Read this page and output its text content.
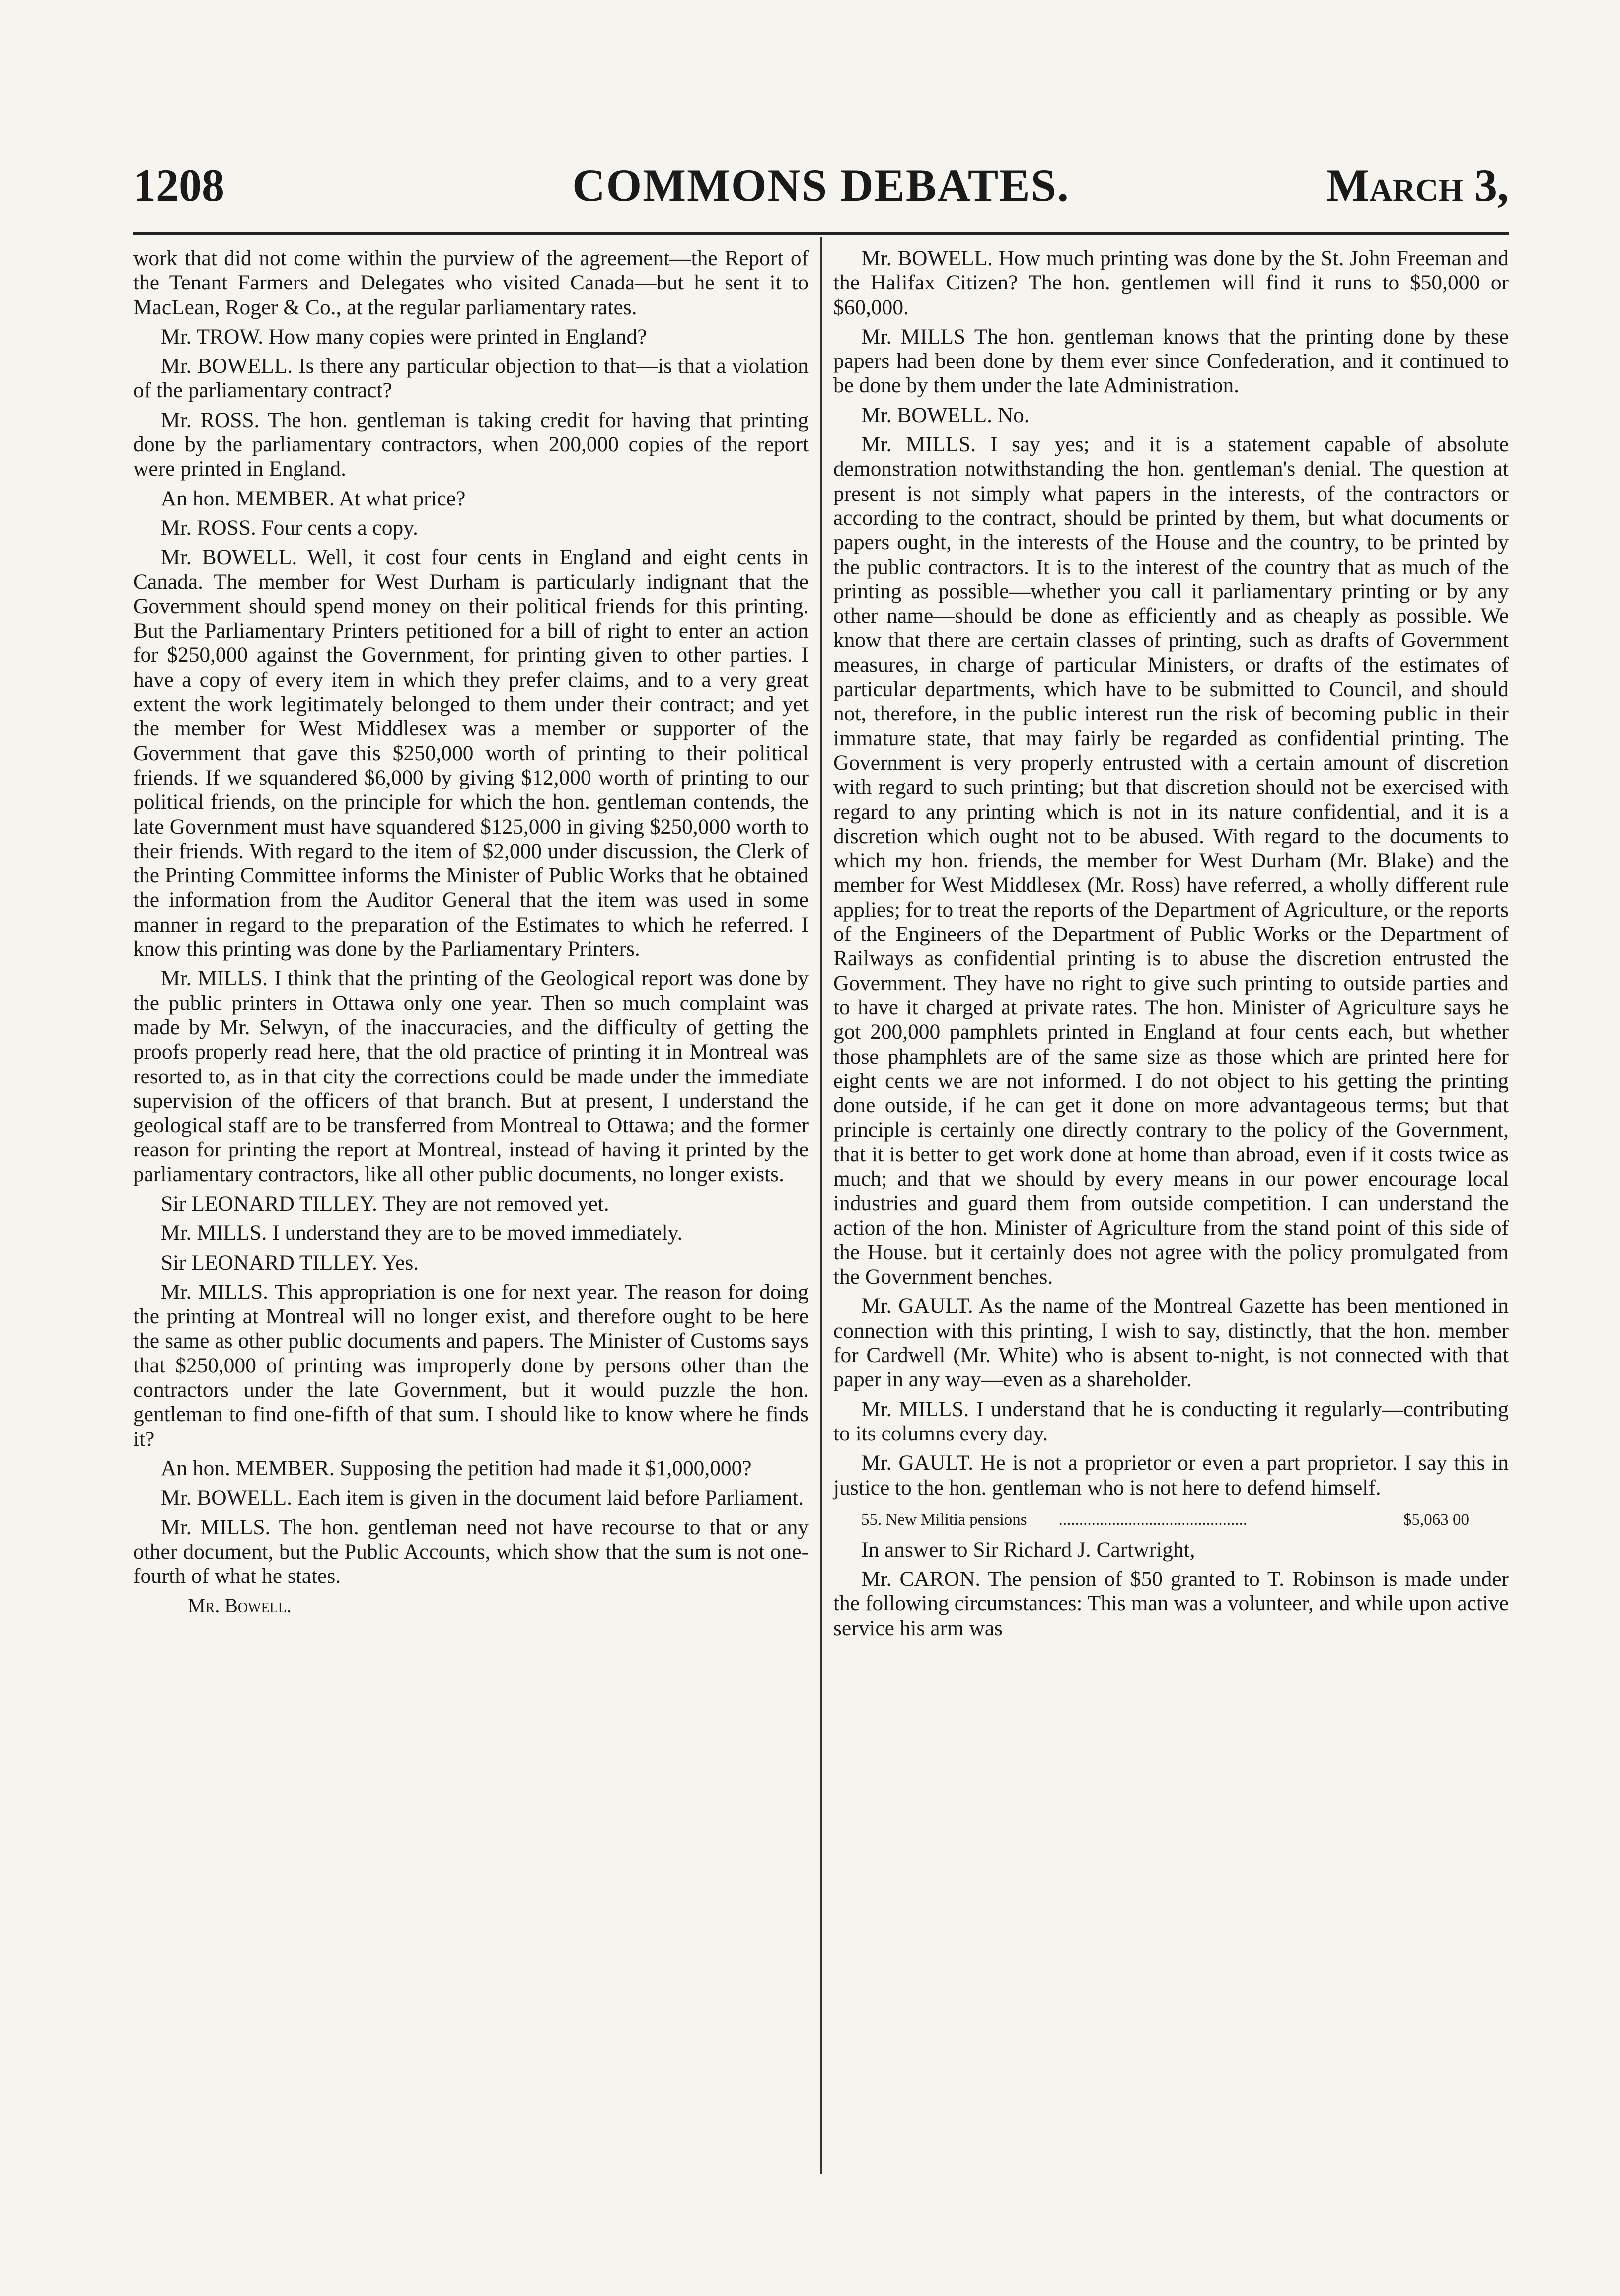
1208	COMMONS DEBATES.	March 3,

work that did not come within the purview of the agreement—the Report of the Tenant Farmers and Delegates who visited Canada—but he sent it to MacLean, Roger & Co., at the regular parliamentary rates.

Mr. TROW. How many copies were printed in England?

Mr. BOWELL. Is there any particular objection to that—is that a violation of the parliamentary contract?

Mr. ROSS. The hon. gentleman is taking credit for having that printing done by the parliamentary contractors, when 200,000 copies of the report were printed in England.

An hon. MEMBER. At what price?

Mr. ROSS. Four cents a copy.

Mr. BOWELL. Well, it cost four cents in England and eight cents in Canada. The member for West Durham is particularly indignant that the Government should spend money on their political friends for this printing. But the Parliamentary Printers petitioned for a bill of right to enter an action for $250,000 against the Government, for printing given to other parties. I have a copy of every item in which they prefer claims, and to a very great extent the work legitimately belonged to them under their contract; and yet the member for West Middlesex was a member or supporter of the Government that gave this $250,000 worth of printing to their political friends. If we squandered $6,000 by giving $12,000 worth of printing to our political friends, on the principle for which the hon. gentleman contends, the late Government must have squandered $125,000 in giving $250,000 worth to their friends. With regard to the item of $2,000 under discussion, the Clerk of the Printing Committee informs the Minister of Public Works that he obtained the information from the Auditor General that the item was used in some manner in regard to the preparation of the Estimates to which he referred. I know this printing was done by the Parliamentary Printers.

Mr. MILLS. I think that the printing of the Geological report was done by the public printers in Ottawa only one year. Then so much complaint was made by Mr. Selwyn, of the inaccuracies, and the difficulty of getting the proofs properly read here, that the old practice of printing it in Montreal was resorted to, as in that city the corrections could be made under the immediate supervision of the officers of that branch. But at present, I understand the geological staff are to be transferred from Montreal to Ottawa; and the former reason for printing the report at Montreal, instead of having it printed by the parliamentary contractors, like all other public documents, no longer exists.

Sir LEONARD TILLEY. They are not removed yet.

Mr. MILLS. I understand they are to be moved immediately.

Sir LEONARD TILLEY. Yes.

Mr. MILLS. This appropriation is one for next year. The reason for doing the printing at Montreal will no longer exist, and therefore ought to be here the same as other public documents and papers. The Minister of Customs says that $250,000 of printing was improperly done by persons other than the contractors under the late Government, but it would puzzle the hon. gentleman to find one-fifth of that sum. I should like to know where he finds it?

An hon. MEMBER. Supposing the petition had made it $1,000,000?

Mr. BOWELL. Each item is given in the document laid before Parliament.

Mr. MILLS. The hon. gentleman need not have recourse to that or any other document, but the Public Accounts, which show that the sum is not one-fourth of what he states.

Mr. Bowell.

Mr. BOWELL. How much printing was done by the St. John Freeman and the Halifax Citizen? The hon. gentlemen will find it runs to $50,000 or $60,000.

Mr. MILLS The hon. gentleman knows that the printing done by these papers had been done by them ever since Confederation, and it continued to be done by them under the late Administration.

Mr. BOWELL. No.

Mr. MILLS. I say yes; and it is a statement capable of absolute demonstration notwithstanding the hon. gentleman's denial. The question at present is not simply what papers in the interests, of the contractors or according to the contract, should be printed by them, but what documents or papers ought, in the interests of the House and the country, to be printed by the public contractors. It is to the interest of the country that as much of the printing as possible—whether you call it parliamentary printing or by any other name—should be done as efficiently and as cheaply as possible. We know that there are certain classes of printing, such as drafts of Government measures, in charge of particular Ministers, or drafts of the estimates of particular departments, which have to be submitted to Council, and should not, therefore, in the public interest run the risk of becoming public in their immature state, that may fairly be regarded as confidential printing. The Government is very properly entrusted with a certain amount of discretion with regard to such printing; but that discretion should not be exercised with regard to any printing which is not in its nature confidential, and it is a discretion which ought not to be abused. With regard to the documents to which my hon. friends, the member for West Durham (Mr. Blake) and the member for West Middlesex (Mr. Ross) have referred, a wholly different rule applies; for to treat the reports of the Department of Agriculture, or the reports of the Engineers of the Department of Public Works or the Department of Railways as confidential printing is to abuse the discretion entrusted the Government. They have no right to give such printing to outside parties and to have it charged at private rates. The hon. Minister of Agriculture says he got 200,000 pamphlets printed in England at four cents each, but whether those phamphlets are of the same size as those which are printed here for eight cents we are not informed. I do not object to his getting the printing done outside, if he can get it done on more advantageous terms; but that principle is certainly one directly contrary to the policy of the Government, that it is better to get work done at home than abroad, even if it costs twice as much; and that we should by every means in our power encourage local industries and guard them from outside competition. I can understand the action of the hon. Minister of Agriculture from the stand point of this side of the House. but it certainly does not agree with the policy promulgated from the Government benches.

Mr. GAULT. As the name of the Montreal Gazette has been mentioned in connection with this printing, I wish to say, distinctly, that the hon. member for Cardwell (Mr. White) who is absent to-night, is not connected with that paper in any way—even as a shareholder.

Mr. MILLS. I understand that he is conducting it regularly—contributing to its columns every day.

Mr. GAULT. He is not a proprietor or even a part proprietor. I say this in justice to the hon. gentleman who is not here to defend himself.

55. New Militia pensions	..............................................	$5,063 00

In answer to Sir Richard J. Cartwright,

Mr. CARON. The pension of $50 granted to T. Robinson is made under the following circumstances: This man was a volunteer, and while upon active service his arm was
